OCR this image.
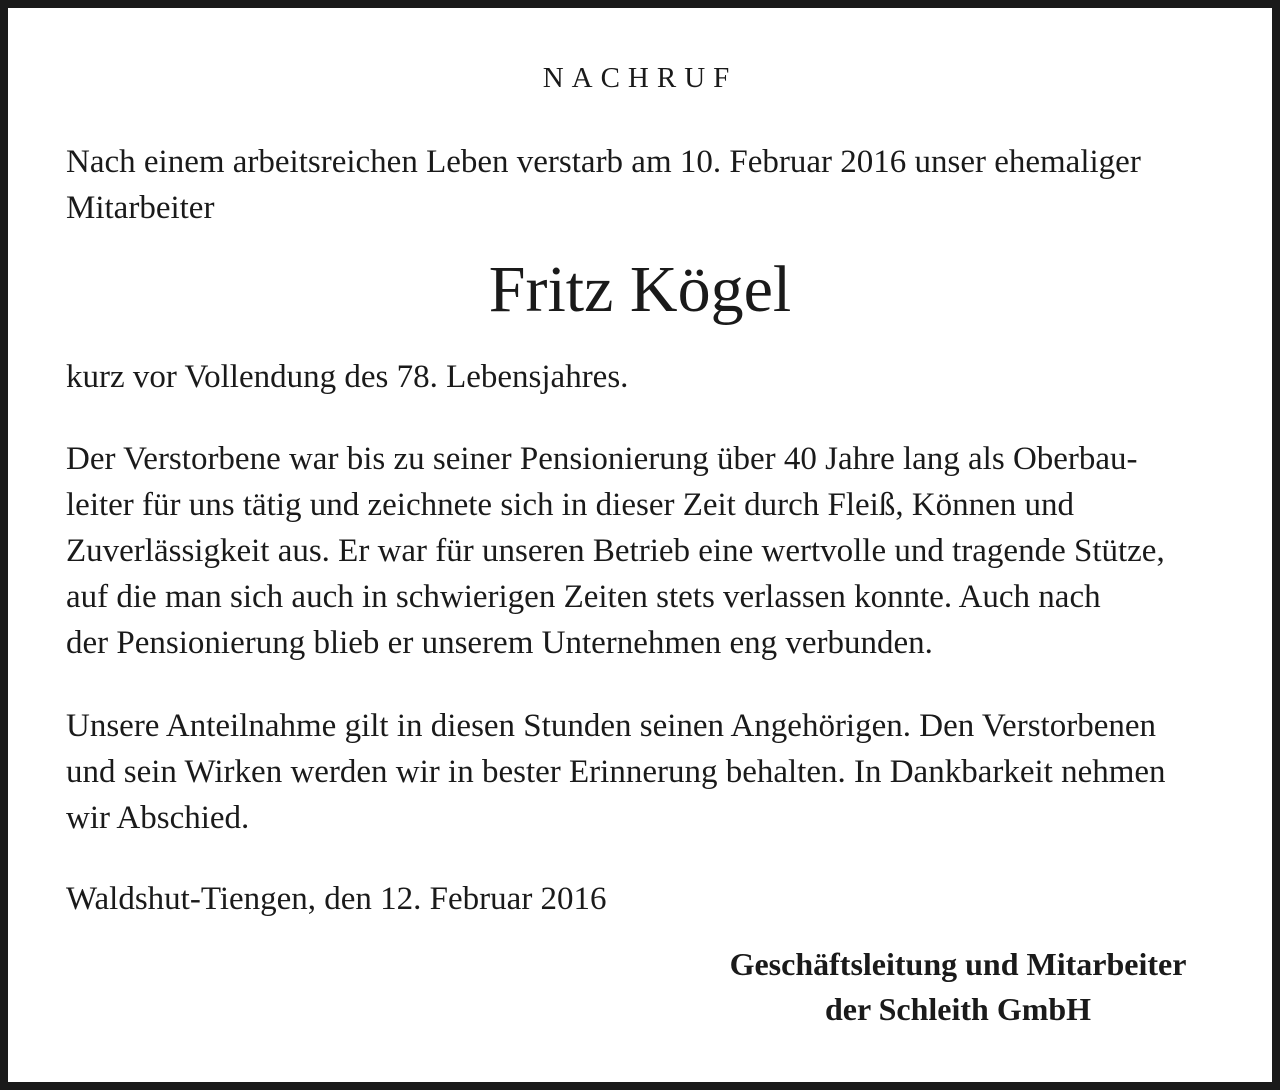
NACHRUF

Nach einem arbeitsreichen Leben verstarb am 10. Februar 2016 unser ehemaliger
Mitarbeiter

Fritz Kögel

kurz vor Vollendung des 78. Lebensjahres.

Der Verstorbene war bis zu seiner Pensionierung über 40 Jahre lang als Oberbau-
leiter für uns tätig und zeichnete sich in dieser Zeit durch Fleiß, Können und
Zuverlässigkeit aus. Er war für unseren Betrieb eine wertvolle und tragende Stütze,
auf die man sich auch in schwierigen Zeiten stets verlassen konnte. Auch nach
der Pensionierung blieb er unserem Unternehmen eng verbunden.

Unsere Anteilnahme gilt in diesen Stunden seinen Angehörigen. Den Verstorbenen
und sein Wirken werden wir in bester Erinnerung behalten. In Dankbarkeit nehmen
wir Abschied.

Waldshut-Tiengen, den 12. Februar 2016

Geschäftsleitung und Mitarbeiter
der Schleith GmbH
